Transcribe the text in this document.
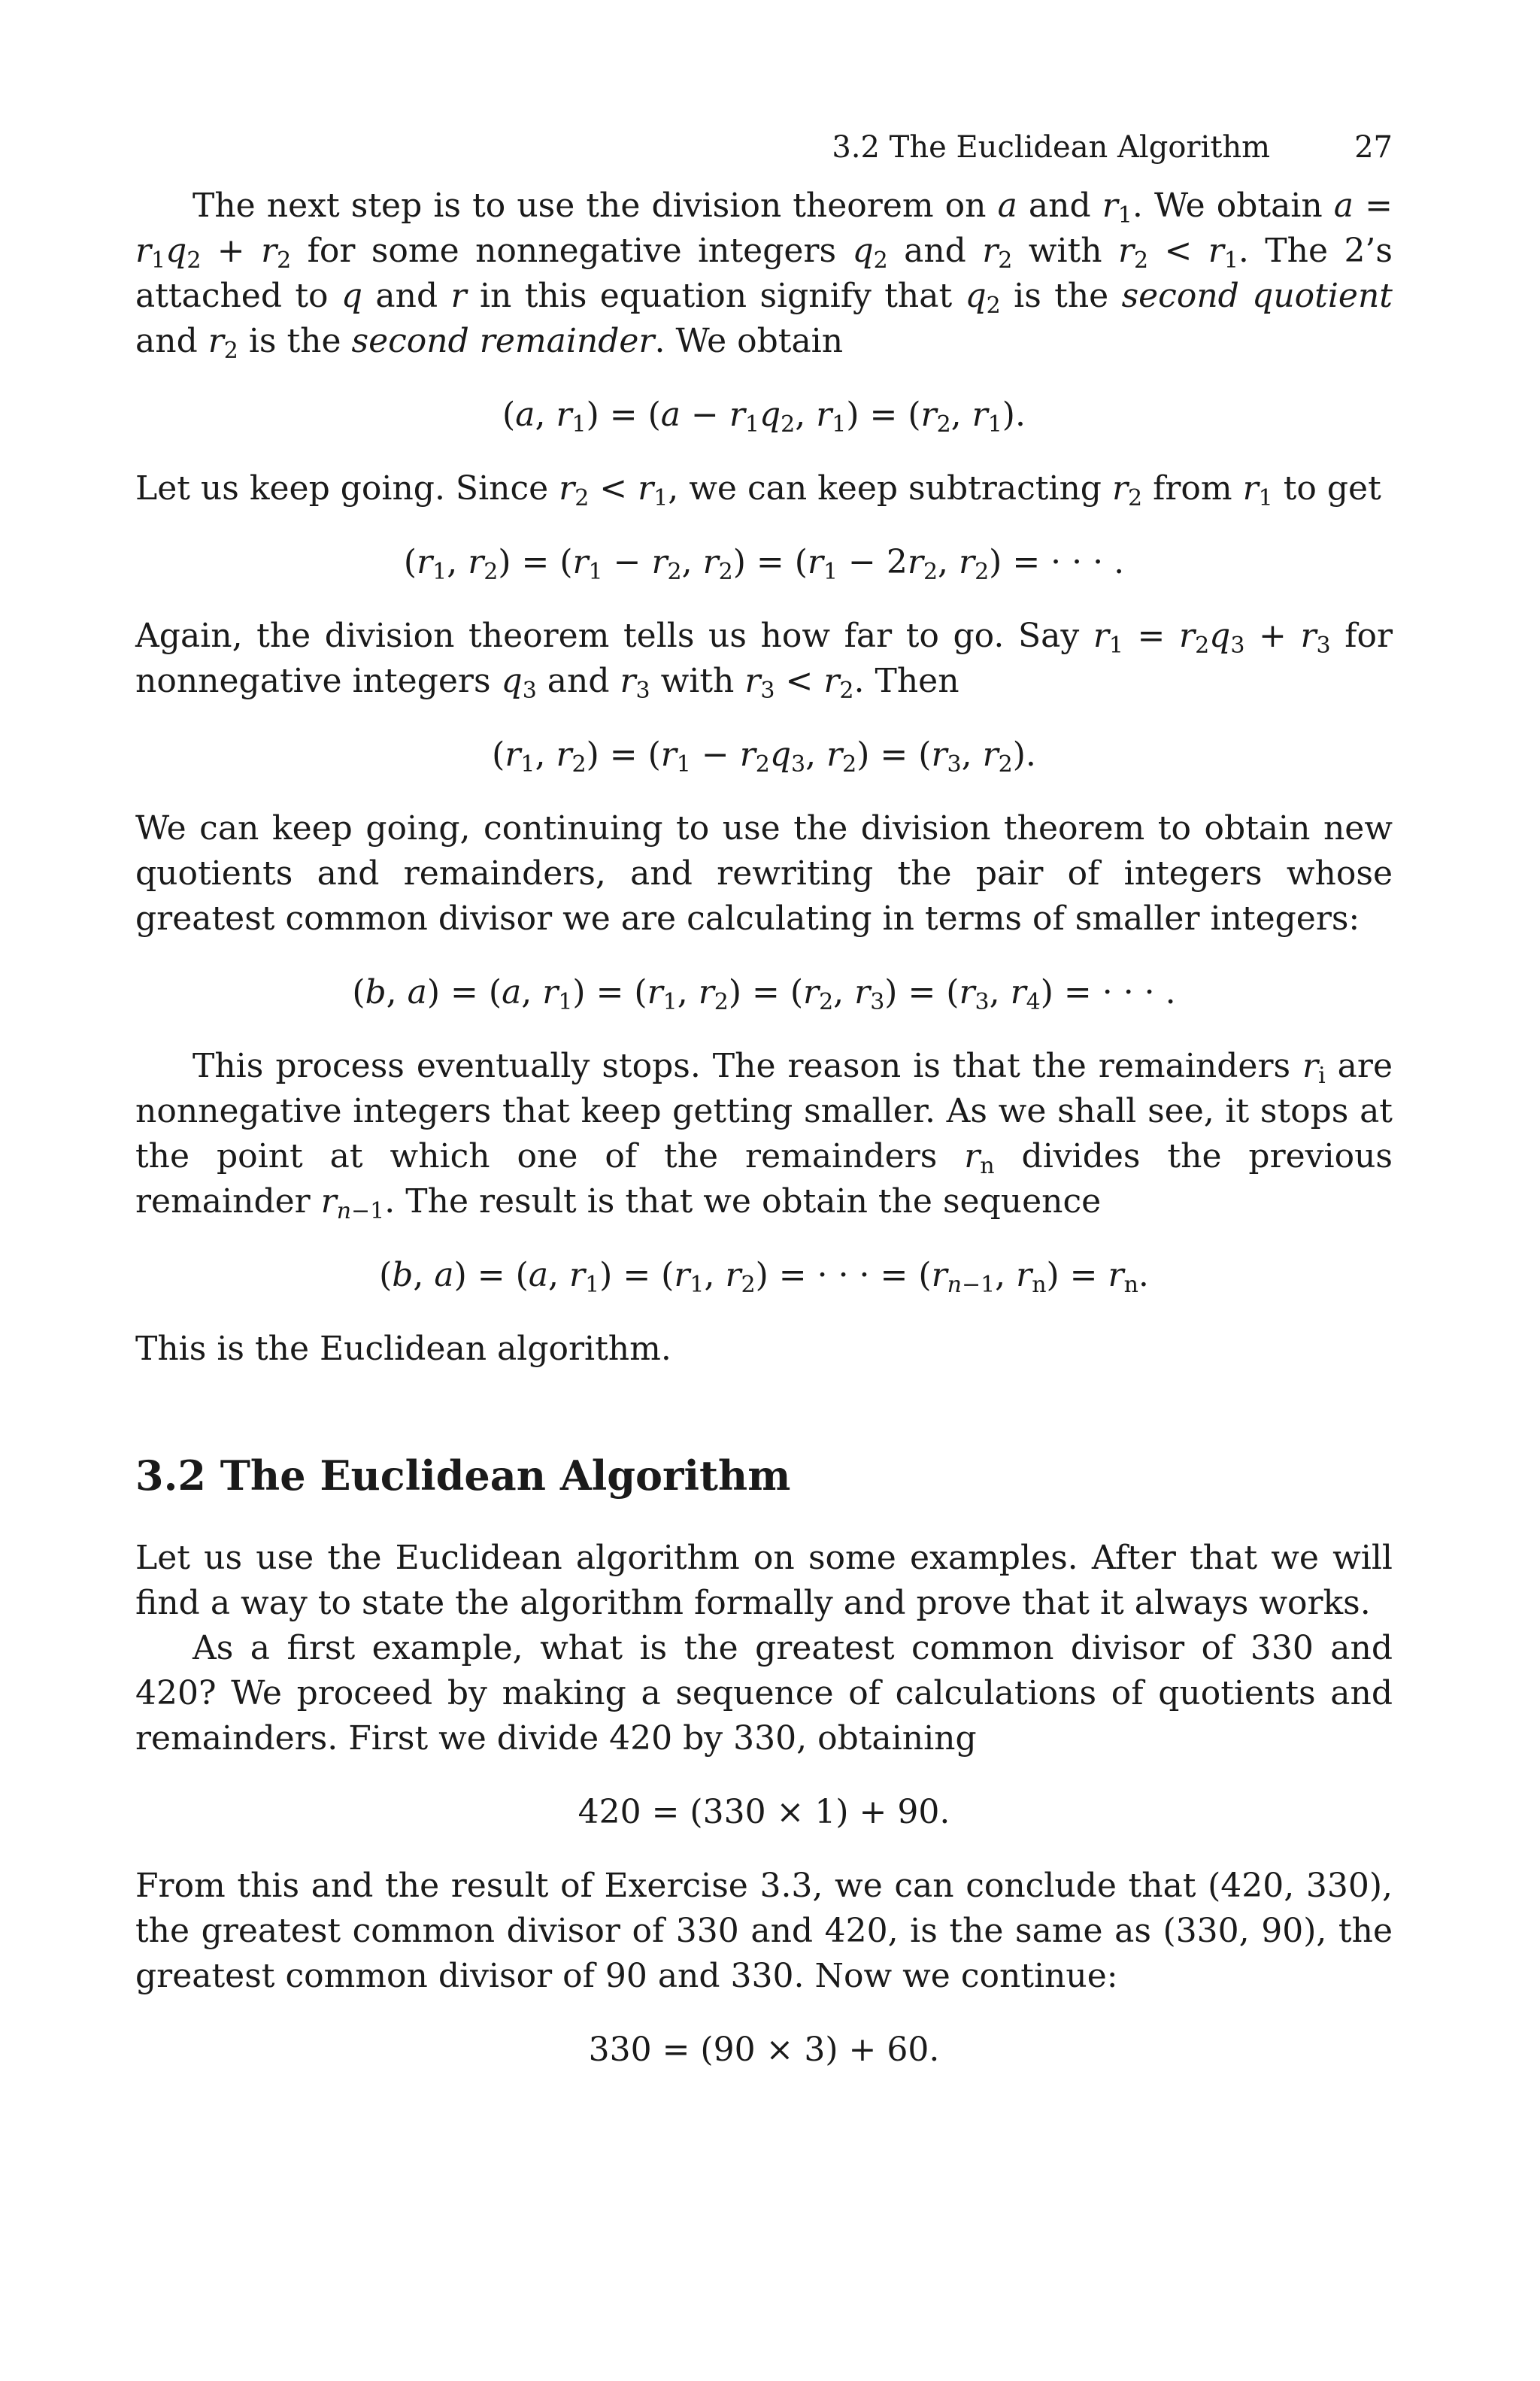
3.2 The Euclidean Algorithm	27

The next step is to use the division theorem on a and $r_1$. We obtain $a = r_1q_2 + r_2$ for some nonnegative integers $q_2$ and $r_2$ with $r_2 < r_1$. The 2’s attached to q and r in this equation signify that $q_2$ is the second quotient and $r_2$ is the second remainder. We obtain

(a, $r_1) = (a - r_1q_2$, $r_1) = (r_2$, $r_1$).

Let us keep going. Since $r_2 < r_1$, we can keep subtracting $r_2$ from $r_1$ to get

($r_1$, $r_2) = (r_1 - r_2$, $r_2) = (r_1 - 2r_2$, $r_2$) = · · · .

Again, the division theorem tells us how far to go. Say $r_1 = r_2q_3 + r_3$ for nonnegative integers $q_3$ and $r_3$ with $r_3 < r_2$. Then

($r_1$, $r_2) = (r_1 - r_2q_3$, $r_2) = (r_3$, $r_2$).

We can keep going, continuing to use the division theorem to obtain new quotients and remainders, and rewriting the pair of integers whose greatest common divisor we are calculating in terms of smaller integers:

(b, a) = (a, $r_1) = (r_1$, $r_2) = (r_2$, $r_3) = (r_3$, $r_4$) = · · · .

This process eventually stops. The reason is that the remainders $r_i$ are nonnegative integers that keep getting smaller. As we shall see, it stops at the point at which one of the remainders $r_n$ divides the previous remainder $r_{n-1}$. The result is that we obtain the sequence

(b, a) = (a, $r_1) = (r_1$, $r_2$) = · · · = ($r_{n-1}$, $r_n) = r_n$.

This is the Euclidean algorithm.

3.2 The Euclidean Algorithm

Let us use the Euclidean algorithm on some examples. After that we will find a way to state the algorithm formally and prove that it always works.

As a first example, what is the greatest common divisor of 330 and 420? We proceed by making a sequence of calculations of quotients and remainders. First we divide 420 by 330, obtaining

420 = (330 × 1) + 90.

From this and the result of Exercise 3.3, we can conclude that (420, 330), the greatest common divisor of 330 and 420, is the same as (330, 90), the greatest common divisor of 90 and 330. Now we continue:

330 = (90 × 3) + 60.
